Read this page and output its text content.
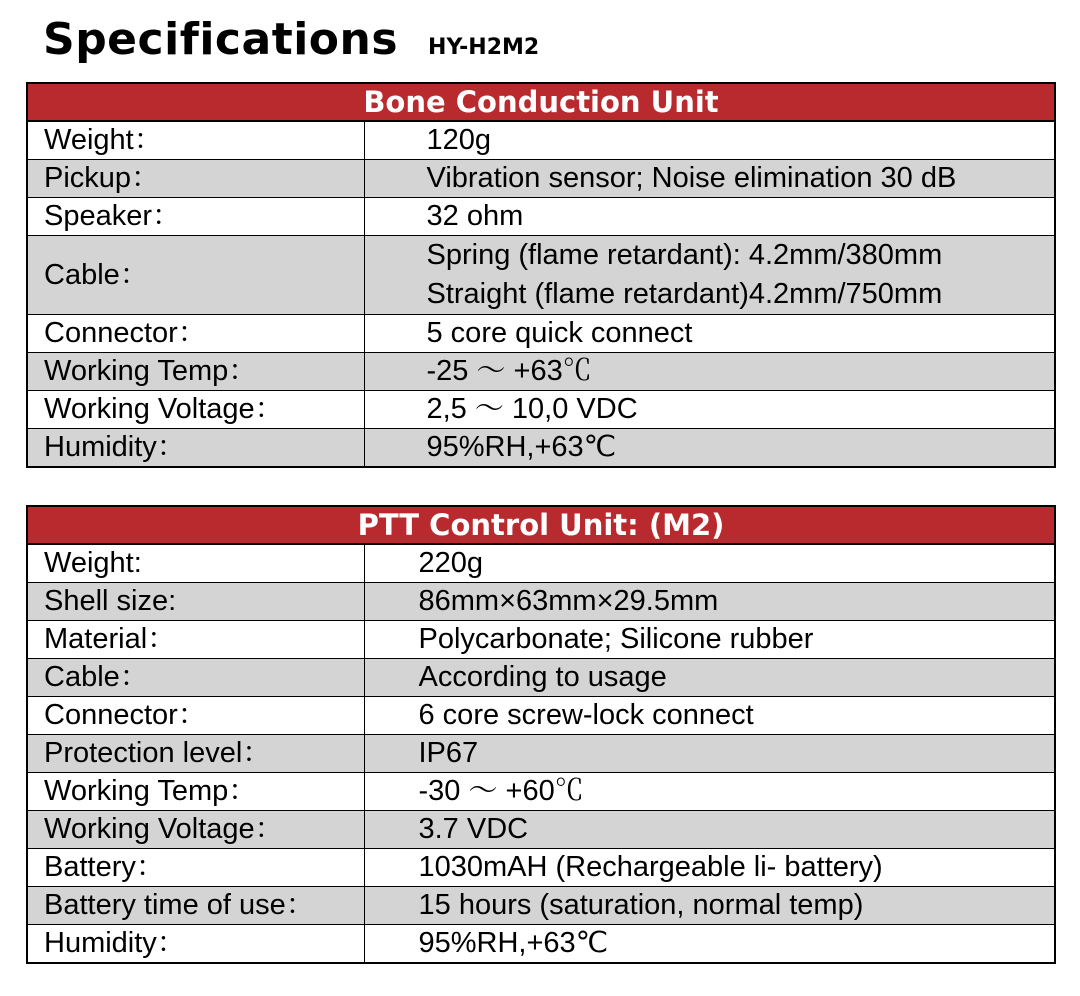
Specifications HY-H2M2
Bone Conduction Unit	
Weight：	120g
Pickup：	Vibration sensor; Noise elimination 30 dB
Speaker：	32 ohm
Cable：	Spring (flame retardant): 4.2mm/380mm
Straight (flame retardant)4.2mm/750mm

Connector：	5 core quick connect
Working Temp：	-25 ～ +63℃
Working Voltage：	2,5 ～ 10,0 VDC
Humidity：	95%RH,+63℃
PTT Control Unit: (M2)	
Weight:	220g
Shell size:	86mm×63mm×29.5mm
Material：	Polycarbonate; Silicone rubber
Cable：	According to usage
Connector：	6 core screw-lock connect
Protection level：	IP67
Working Temp：	-30 ～ +60℃
Working Voltage：	3.7 VDC
Battery：	1030mAH (Rechargeable li- battery)
Battery time of use：	15 hours (saturation, normal temp)
Humidity：	95%RH,+63℃
